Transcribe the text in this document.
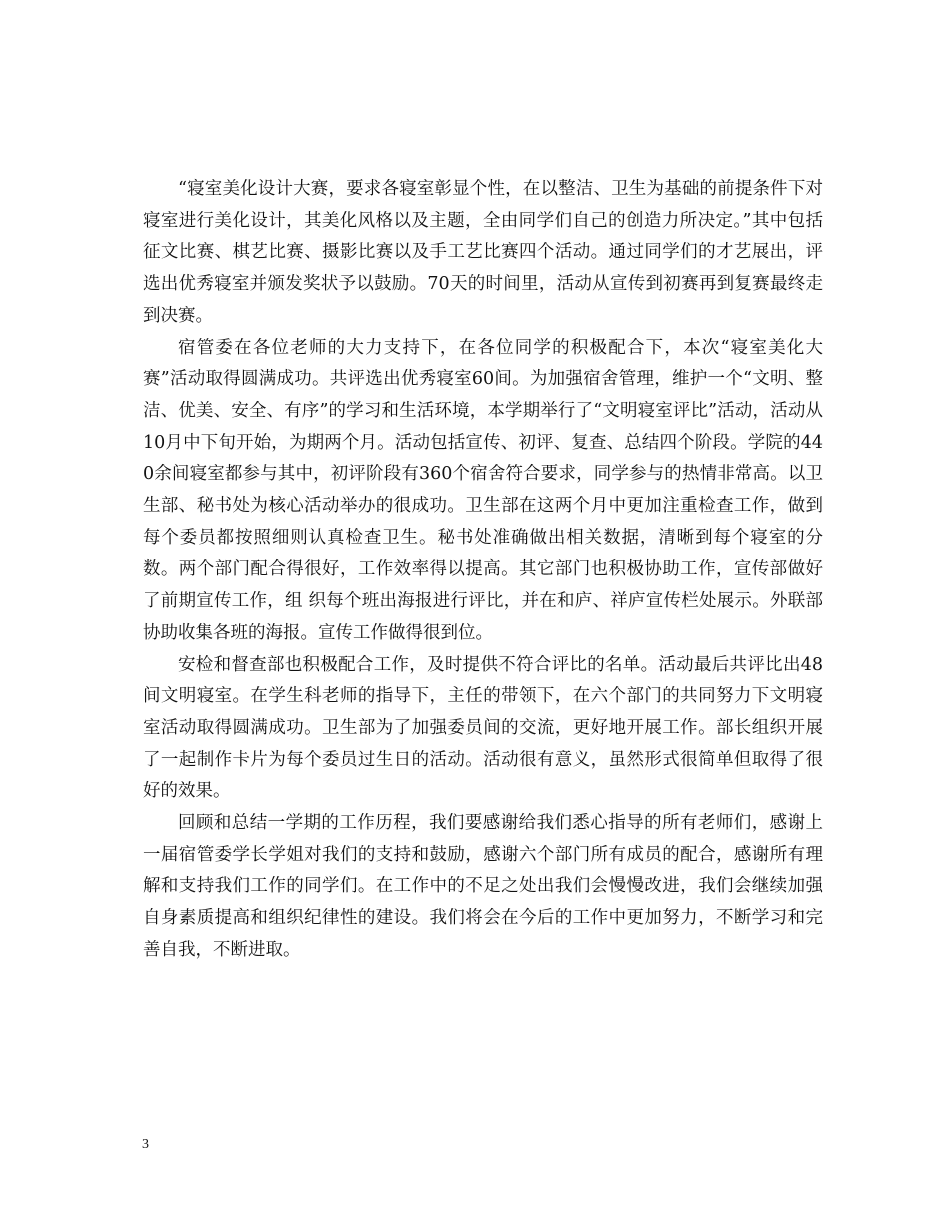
“寝室美化设计大赛，要求各寝室彰显个性，在以整洁、卫生为基础的前提条件下对寝室进行美化设计，其美化风格以及主题，全由同学们自己的创造力所决定。”其中包括征文比赛、棋艺比赛、摄影比赛以及手工艺比赛四个活动。通过同学们的才艺展出，评选出优秀寝室并颁发奖状予以鼓励。70天的时间里，活动从宣传到初赛再到复赛最终走到决赛。

宿管委在各位老师的大力支持下，在各位同学的积极配合下，本次“寝室美化大赛”活动取得圆满成功。共评选出优秀寝室60间。为加强宿舍管理，维护一个“文明、整洁、优美、安全、有序”的学习和生活环境，本学期举行了“文明寝室评比”活动，活动从10月中下旬开始，为期两个月。活动包括宣传、初评、复查、总结四个阶段。学院的440余间寝室都参与其中，初评阶段有360个宿舍符合要求，同学参与的热情非常高。以卫生部、秘书处为核心活动举办的很成功。卫生部在这两个月中更加注重检查工作，做到每个委员都按照细则认真检查卫生。秘书处准确做出相关数据，清晰到每个寝室的分数。两个部门配合得很好，工作效率得以提高。其它部门也积极协助工作，宣传部做好了前期宣传工作，组 织每个班出海报进行评比，并在和庐、祥庐宣传栏处展示。外联部协助收集各班的海报。宣传工作做得很到位。

安检和督查部也积极配合工作，及时提供不符合评比的名单。活动最后共评比出48间文明寝室。在学生科老师的指导下，主任的带领下，在六个部门的共同努力下文明寝室活动取得圆满成功。卫生部为了加强委员间的交流，更好地开展工作。部长组织开展了一起制作卡片为每个委员过生日的活动。活动很有意义，虽然形式很简单但取得了很好的效果。

回顾和总结一学期的工作历程，我们要感谢给我们悉心指导的所有老师们，感谢上一届宿管委学长学姐对我们的支持和鼓励，感谢六个部门所有成员的配合，感谢所有理解和支持我们工作的同学们。在工作中的不足之处出我们会慢慢改进，我们会继续加强自身素质提高和组织纪律性的建设。我们将会在今后的工作中更加努力，不断学习和完善自我，不断进取。

3
